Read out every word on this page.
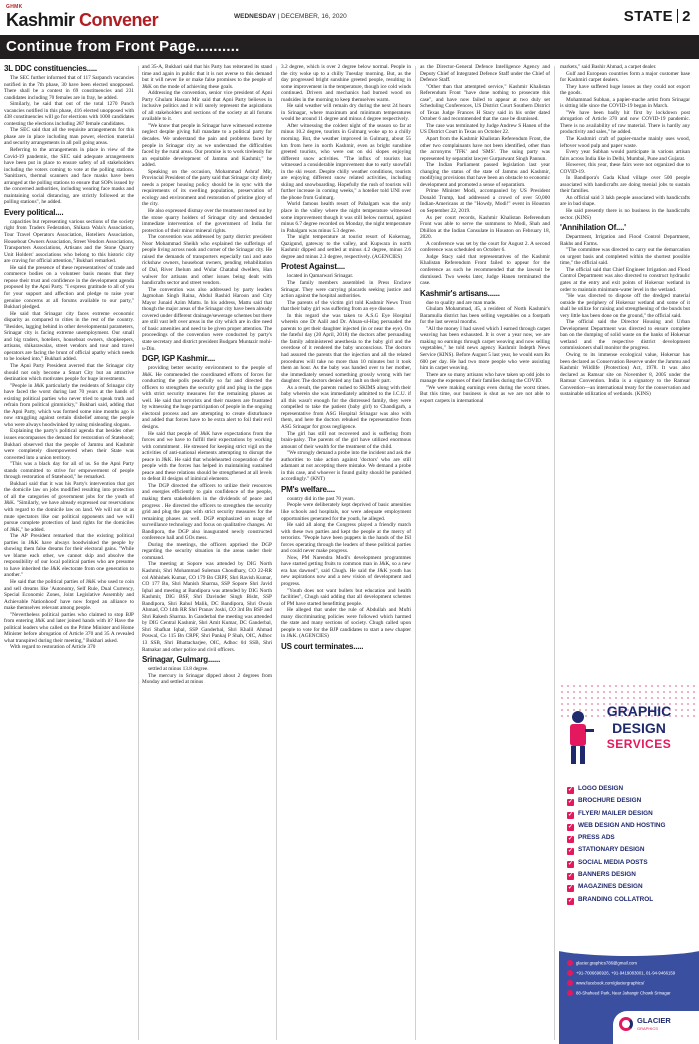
GHMK
Kashmir Convener	WEDNESDAY | DECEMBER, 16, 2020	STATE 2
Continue from Front Page..........
3L DDC constituencies.....

The SEC further informed that of 117 Sarpanch vacancies notified in the 7th phase, 30 have been elected unopposed. There shall be a contest in 69 constituencies and 231 candidates including 70 females are in fray, he added.

Similarly, he said that out of the total 1270 Panch vacancies notified in this phase, 416 elected unopposed with 438 constituencies will go for elections with 1000 candidates contesting the elections including 287 female candidates.

The SEC said that all the requisite arrangements for this phase are in place including man power, election material and security arrangements in all poll going areas.

Referring to the arrangements in place in view of the Covid-19 pandemic, the SEC said adequate arrangements have been put in place to ensure safety of all stakeholders including the voters coming to vote at the polling stations. 'Sanitizers, thermal scanners and face masks have been arranged at the polling stations to ensure that SOPs issued by the concerned authorities, including wearing face masks and maintaining social distancing, are strictly followed at the polling stations", he added.

Every political....

capacities but representing various sections of the society right from Traders Federation, Shikara Wala's Association, Tour Travel Operators Association, Hoteliers Association, Houseboat Owners Association, Street Vendors Associations, Transporters Associations, Artisans and the Stone Quarry Unit Holders' associations who belong to this historic city are craving for official attention," Bukhari remarked.

He said the presence of these representatives' of trade and commerce bodies on a volunteer basis means that they repose their trust and confidence in the development agenda proposed by the Apni Party. "I express gratitude to all of you for your support and affection and pledge to raise your genuine concerns at all forums available to our party," Bukhari pledged.

He said that Srinagar city faces extreme economic disparity as compared to cities in the rest of the country. "Besides, lagging behind in other developmental parameters, Srinagar city is facing extreme unemployment. Our small and big traders, hoteliers, houseboat owners, shopkeepers, artisans, shikarawalas, street vendors and tour and travel operators are facing the brunt of official apathy which needs to be looked into," Bukhari added.

The Apni Party President averred that the Srinagar city should not only become a Smart City but an attractive destination which motivates people for huge investments.

"People in J&K particularly the residents of Srinagar city have faced the worst during last 70 years at the hands of existing political parties who never tried to speak truth and refrain from political gimmickry," Bukhari said, adding that the Apni Party, which was formed some nine months ago is now struggling against certain disbelief among the people who were always hoodwinked by using misleading slogans.

Explaining the party's political agenda that besides other issues encompasses the demand for restoration of Statehood; Bukhari observed that the people of Jammu and Kashmir were completely disempowered when their State was converted into a union territory.

"This was a black day for all of us. So the Apni Party stands committed to strive for empowerment of people through restoration of Statehood," he remarked.

Bukhari said that it was his Party's intervention that got the domicile law on jobs modified resulting into protection of all the categories of government jobs for the youth of J&K. "Similarly, we have already expressed our reservations with regard to the domicile law on land. We will not sit as mute spectators like our political opponents and we will pursue complete protection of land rights for the domiciles of J&K," he added.

The AP President remarked that the existing political parties in J&K have always hoodwinked the people by showing them false dreams for their electoral gains. "While we blame each other, we cannot skip and absolve the responsibility of our local political parties who are presume to have inherited the J&K electorate from one generation to another."

He said that the political parties of J&K who used to coin and sell dreams like 'Autonomy, Self Rule, Dual Currency, Special Economic Zones, Joint Legislative Assembly and Achievable Nationhood' have now forged an alliance to make themselves relevant among people.

"Nevertheless political parties who claimed to stop BJP from entering J&K and later joined hands with it? Have the political leaders who called on the Prime Minister and Home Minister before abrogation of Article 370 and 35 A revealed what transpired during their meeting," Bukhari asked.

With regard to restoration of Article 370

and 35-A, Bukhari said that his Party has reiterated its stand time and again in public that it is not averse to this demand but it will never lie or make false promises to the people of J&K on the mode of achieving these goals.

Addressing the convention, senior vice president of Apni Party Ghulam Hassan Mir said that Apni Party believes in inclusive politics and it will surely represent the aspirations of all stakeholders and sections of the society at all forums available to it.

"We know that people in Srinagar have witnessed extreme neglect despite giving full mandate to a political party for decades. We understand the pain and problems faced by people in Srinagar city as we understand the difficulties faced by the rural areas. Our promise is to work tirelessly for an equitable development of Jammu and Kashmir," he added.

Speaking on the occasion, Mohammad Ashraf Mir, Provincial President of the party said that Srinagar city direly needs a proper housing policy should be in sync with the requirements of its swelling population, preservation of ecology and environment and restoration of pristine glory of the city.

He also expressed dismay over the treatment meted out by the stone quarry holders of Srinagar city and demanded immediate intervention of the government of India for protection of their minor mineral rights.

The convention was addressed by party district president Noor Mohammad Sheikh who explained the sufferings of people living across nook and corner of the Srinagar city. He raised the demands of transporters especially taxi and auto rickshaw owners, houseboat owners, pending rehabilitation of Dal, River Jhelum and Wular Chatabal dwellers, Han walwer for artisans and other issues being dealt with handicrafts sector and street vendors.

The convention was also addressed by party leaders Jagmohan Singh Raina, Abdul Rashid Haroon and City Mayor Junaid Azim Mattu. In his address, Mattu said that though the major areas of the Srinagar city have been already covered under different drainage/sewerage schemes but there are still vast left over areas in the city which are in dire need of basic amenities and need to be given proper attention. The proceedings of the convention were conducted by party's state secretary and district president Budgam Muntazir mohi-u-Din.

DGP, IGP Kashmir....

providing better security environment to the people of J&K. He commended the coordinated efforts of forces for conducting the polls peacefully so far and directed the officers to strengthen the security grid and plug in the gaps with strict security measures for the remaining phases as well. He said that terrorists and their masters are frustrated by witnessing the huge participation of people in the ongoing electoral process and are attempting to create disturbance and added that forces have to be extra alert to foil their evil designs.

He said that people of J&K have expectations from the forces and we have to fulfill their expectations by working with commitment . He stressed for keeping strict vigil on the activities of anti-national elements attempting to disrupt the peace in J&K. He said that wholehearted cooperation of the people with the forces has helped in maintaining sustained peace and these relations should be strengthened at all levels to defeat ill designs of inimical elements.

The DGP directed the officers to utilize their resources and energies efficiently to gain confidence of the people, making them stakeholders in the dividends of peace and progress . He directed the officers to strengthen the security grid and plug the gaps with strict security measures for the remaining phases as well. DGP emphasized on usage of surveillance technology and focus on qualitative changes. At Bandipora, the DGP also inaugurated newly constructed conference hall and GOs mess.

During the meetings, the officers apprised the DGP regarding the security situation in the areas under their command.

The meeting at Sopore was attended by DIG North Kashmir, Shri Mohammad Suleman Choudhary, CO 22-RR col Abhishek Kumar, CO 179 Bn CRPF, Shri Ravish Kumar, CO 177 Bn, Shri Manish Sharma, SSP Sopore Shri Javid Iqbal and meeting at Bandipora was attended by DIG North Kashmir, DIG BSF, Shri Davinder Singh Bisht, SSP Bandipora, Shri Rahul Malik, DC Bandipora, Shri Owais Ahmad, CO 14th RR Shri Pranav Joshi, CO 3rd Bn BSF and Shri Rakesh Sharma. In Ganderbal the meeting was attended by DIG Central Kashmir, Shri Amit Kumar, DC Ganderbal, Shri Shafkat Iqbal, SSP Ganderbal, Shri Khalil Ahmad Poswal, Co 115 Bn CRPF, Shri Pankaj P Shah, OIC, Adhoc 13 SSB, Shri Bhattacharjee, OIC, Adhoc 04 SSB, Shri Ratnakar and other police and civil officers.

Srinagar, Gulmarg......

settled at minus 13.8 degree.

The mercury in Srinagar dipped about 2 degrees from Monday and settled at minus

3.2 degree, which is over 2 degree below normal. People in the city woke up to a chilly Tuesday morning. But, as the day progressed bright sunshine greeted people, resulting in some improvement in the temperature, though ice cold winds continued. Drivers and mechanics had burned wood on roadsides in the morning to keep themselves warm.

He said weather will remain dry during the next 24 hours in Srinagar, where maximum and minimum temperatures would be around 11 degree and minus 4 degree respectively.

After witnessing the coldest night of the season so far at minus 10.2 degree, tourists in Gulmarg woke up to a chilly morning. But, the weather improved in Gulmarg, about 55 km from here in north Kashmir, even as bright sunshine greeted tourists, who were out on ski slopes enjoying different snow activities. "The influx of tourists has witnessed a considerable improvement due to early snowfall in the ski resort. Despite chilly weather conditions, tourists are enjoying different snow related activities, including skiing and snowboarding. Hopefully the rush of tourists will further increase in coming weeks," a hotelier told UNI over the phone from Gulmarg.

World famous health resort of Pahalgam was the only place in the valley where the night temperature witnessed some improvement though it was still below normal, against minus 6.7 degree recorded on Monday, the night temperature in Pahalgam was minus 5.3 degree.

The night temperature at tourist resort of Kokernag, Qazigund, gateway to the valley, and Kupwara in north Kashmir dipped and settled at minus 4.2 degree, minus 2.6 degree and minus 2.3 degree, respectively. (AGENCIES)

Protest Against....

located in Qamarwari Srinagar.

The family members assembled in Press Enclave Srinagar. They were carrying placards seeking justice and action against the hospital authorities.

The parents of the victim girl told Kashmir News Trust that their baby girl was suffering from an eye disease.

In this regard she was taken to A.S.G Eye Hospital wherein one Dr Aalil and Dr. Ahsan-ul-Haq persuaded the parents to get their daughter injected (in or near the eye). On the fateful day (20 April, 2018) the doctors after persuading the family administered anesthesia to the baby girl and the overdose of it rendered the baby unconscious. The doctors had assured the parents that the injection and all the related procedures will take no more than 10 minutes but it took them an hour. As the baby was handed over to her mother, she immediately sensed something grossly wrong with her daughter. The doctors denied any fault on their part.

As a result, the parents rushed to SKIMS along with their baby wherein she was immediately admitted to the I.C.U. if all this wasn't enough for the distressed family, they were compelled to take the patient (baby girl) to Chandigarh, a representative from ASG Hospital Srinagar was also with them, and here the doctors rebuked the representative from ASG Srinagar for gross negligence.

The girl has still not recovered and is suffering from brain-palsy. The parents of the girl have utilized enormous amount of their wealth for the treatment of the child.

"We strongly demand a probe into the incident and ask the authorities to take action against 'doctors' who are still adamant at not accepting there mistake. We demand a probe in this case, and whoever is found guilty should be punished accordingly." (KNT)

PM's welfare....

country did in the past 70 years.

People were deliberately kept deprived of basic amenities like schools and hospitals, nor were adequate employment opportunities generated for the youth, he alleged.

He said all along the Congress played a friendly match with these two parties and kept the people at the mercy of terrorists. "People have been puppets in the hands of the ISI forces operating through the leaders of these political parties and could never make progress.

Now, PM Narendra Modi's development programmes have started getting fruits to common man in J&K, so a new era has dawned", said Chugh. He said the J&K youth has new aspirations now and a new vision of development and progress.

"Youth does not want bullets but education and health facilities", Chugh said adding that all development schemes of PM have started benefitting people.

He alleged that under the rule of Abdullah and Mufti many discriminating policies were followed which harmed the state and many sections of society. Chugh called upon people to vote for the BJP candidates to start a new chapter in J&K. (AGENCIES)

US court terminates.....

as the Director-General Defence Intelligence Agency and Deputy Chief of Integrated Defence Staff under the Chief of Defence Staff.

"Other than that attempted service," Kashmir Khalistan Referendum Front "have done nothing to prosecute this case", and have now failed to appear at two duly set Scheduling Conferences, US District Court Southern District of Texas Judge Frances H Stacy said in his order dated October 6 and recommended that the case be dismissed.

The case was terminated by Judge Andrew S Hanen of the US District Court in Texas on October 22.

Apart from the Kashmir Khalistan Referendum Front, the other two complainants have not been identified, other than the acronyms 'TFK' and 'SMS'. The suing party was represented by separatist lawyer Gurpatwant Singh Pannun.

The Indian Parliament passed legislation last year changing the status of the state of Jammu and Kashmir, modifying provisions that have been an obstacle to economic development and promoted a sense of separatism.

Prime Minister Modi, accompanied by US President Donald Trump, had addressed a crowd of over 50,000 Indian-Americans at the "Howdy, Modi!" event in Houston on September 22, 2019.

As per court records, Kashmir Khalistan Referendum Front was able to serve the summons to Modi, Shah and Dhillon at the Indian Consulate in Houston on February 18, 2020.

A conference was set by the court for August 2. A second conference was scheduled on October 6.

Judge Stacy said that representatives of the Kashmir Khalistan Referendum Front failed to appear for the conference as such he recommended that the lawsuit be dismissed. Two weeks later, Judge Hanen terminated the case.

Kashmir's artisans......

due to quality and are man made.

Ghulam Mohammad, 45, a resident of North Kashmir's Baramulla district has been selling vegetables on a footpath for the last several months.

"All the money I had saved which I earned through carpet weaving has been exhausted. It is over a year now, we are making no earnings through carpet weaving and now selling vegetables," he told news agency Kashmir Indepth News Service (KINS). Before August 5 last year, he would earn Rs 600 per day. He had two more people who were assisting him in carpet weaving.

There are so many artisans who have taken up odd jobs to manage the expenses of their families during the COVID.

"We were making earnings even during the worst times. But this time, our business is shut as we are not able to export carpets in international

markets," said Bashir Ahmad, a carpet dealer.

Gulf and European countries form a major customer base for Kashmiri carpet dealers.

They have suffered huge losses as they could not export the goods.

Mohammad Subhan, a papier-mache artist from Srinagar is sitting idle since the COVID-19 began in March.

"We have been badly hit first by lockdown post abrogation of Article 370 and now COVID-19 pandemic. There is no availability of raw material. There is hardly any productivity and sales," he added.

The Kashmiri craft of papier-mache mainly uses wood, leftover wood pulp and paper waste.

Every year Subhan would participate in various artisan fairs across India like in Delhi, Mumbai, Pune and Gujarat.

However, this year, these fairs were not organized due to COVID-19.

In Bandipora's Gada Khad village over 500 people associated with handicrafts are doing menial jobs to sustain their families.

An official said 3 lakh people associated with handicrafts are in bad shape.

He said presently there is no business in the handicrafts sector. (KINS)

'Annihilation Of....'

Department, Irrigation and Flood Control Department, Rakhs and Farms.

"The committee was directed to carry out the demarcation on urgent basis and completed within the shortest possible time," the official said.

The official said that Chief Engineer Irrigation and Flood Control Department was also directed to construct hydraulic gates at the entry and exit points of Hokersar wetland in order to maintain minimum-water level in the wetland.

"He was directed to dispose off the dredged material outside the periphery of Hokersar wetland and some of it shall be utilize for raising and strengthening of the bunds but very little has been done on the ground," the official said.

The official said the Director Housing and Urban Development Department was directed to ensure complete ban on the dumping of solid waste on the banks of Hokersar wetland and the respective district development commissioners shall monitor the progress.

Owing to its immense ecological value, Hokersar has been declared as Conservation Reserve under the Jammu and Kashmir Wildlife (Protection) Act, 1978. It was also declared as Ramsar site on November 8, 2005 under the Ramsar Convention. India is a signatory to the Ramsar Convention—an international treaty for the conservation and sustainable utilization of wetlands. (KINS)

GRAPHIC
DESIGN
SERVICES
✓ LOGO DESIGN
✓ BROCHURE DESIGN
✓ FLYER/ MAILER DESIGN
✓ WEB DESIGN AND HOSTING
✓ PRESS ADS
✓ STATIONARY DESIGN
✓ SOCIAL MEDIA POSTS
✓ BANNERS DESIGN
✓ MAGAZINES DESIGN
✓ BRANDING COLLATROL
glacier.graphics786@gmail.com
+91-7006696926, +91-9419083001, 01-94-9466159
www.facebook.com/glaciergraphics/
88-Shaheed Park, Near Jahangir Chowk Srinagar
GLACIER
GRAPHICS
